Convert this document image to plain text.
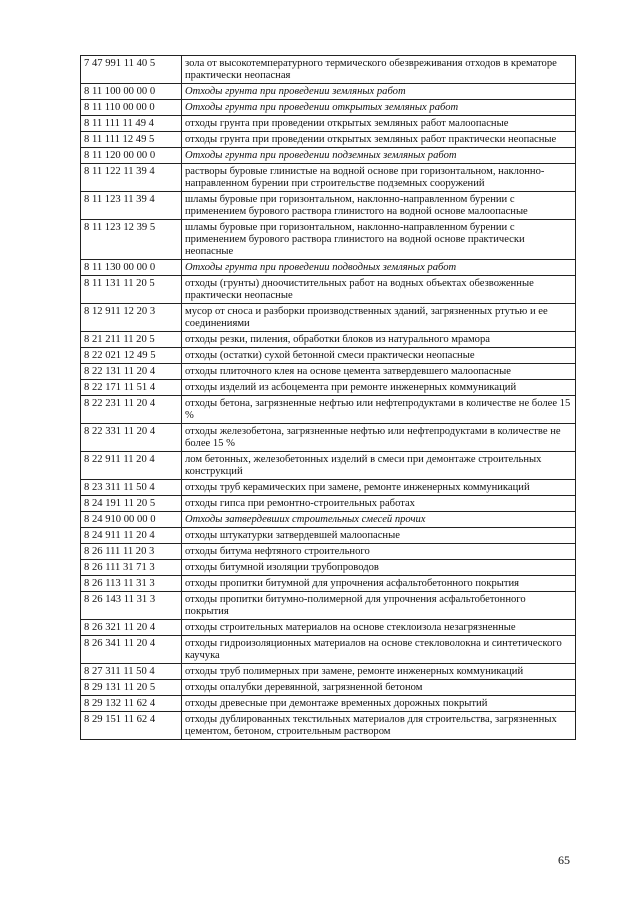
7 47 991 11 40 5	зола от высокотемпературного термического обезвреживания отходов в крематоре практически неопасная
8 11 100 00 00 0	Отходы грунта при проведении земляных работ
8 11 110 00 00 0	Отходы грунта при проведении открытых земляных работ
8 11 111 11 49 4	отходы грунта при проведении открытых земляных работ малоопасные
8 11 111 12 49 5	отходы грунта при проведении открытых земляных работ практически неопасные
8 11 120 00 00 0	Отходы грунта при проведении подземных земляных работ
8 11 122 11 39 4	растворы буровые глинистые на водной основе при горизонтальном, наклонно-направленном бурении при строительстве подземных сооружений
8 11 123 11 39 4	шламы буровые при горизонтальном, наклонно-направленном бурении с применением бурового раствора глинистого на водной основе малоопасные
8 11 123 12 39 5	шламы буровые при горизонтальном, наклонно-направленном бурении с применением бурового раствора глинистого на водной основе практически неопасные
8 11 130 00 00 0	Отходы грунта при проведении подводных земляных работ
8 11 131 11 20 5	отходы (грунты) дноочистительных работ на водных объектах обезвоженные практически неопасные
8 12 911 12 20 3	мусор от сноса и разборки производственных зданий, загрязненных ртутью и ее соединениями
8 21 211 11 20 5	отходы резки, пиления, обработки блоков из натурального мрамора
8 22 021 12 49 5	отходы (остатки) сухой бетонной смеси практически неопасные
8 22 131 11 20 4	отходы плиточного клея на основе цемента затвердевшего малоопасные
8 22 171 11 51 4	отходы изделий из асбоцемента при ремонте инженерных коммуникаций
8 22 231 11 20 4	отходы бетона, загрязненные нефтью или нефтепродуктами в количестве не более 15 %
8 22 331 11 20 4	отходы железобетона, загрязненные нефтью или нефтепродуктами в количестве не более 15 %
8 22 911 11 20 4	лом бетонных, железобетонных изделий в смеси при демонтаже строительных конструкций
8 23 311 11 50 4	отходы труб керамических при замене, ремонте инженерных коммуникаций
8 24 191 11 20 5	отходы гипса при ремонтно-строительных работах
8 24 910 00 00 0	Отходы затвердевших строительных смесей прочих
8 24 911 11 20 4	отходы штукатурки затвердевшей малоопасные
8 26 111 11 20 3	отходы битума нефтяного строительного
8 26 111 31 71 3	отходы битумной изоляции трубопроводов
8 26 113 11 31 3	отходы пропитки битумной для упрочнения асфальтобетонного покрытия
8 26 143 11 31 3	отходы пропитки битумно-полимерной для упрочнения асфальтобетонного покрытия
8 26 321 11 20 4	отходы строительных материалов на основе стеклоизола незагрязненные
8 26 341 11 20 4	отходы гидроизоляционных материалов на основе стекловолокна и синтетического каучука
8 27 311 11 50 4	отходы труб полимерных при замене, ремонте инженерных коммуникаций
8 29 131 11 20 5	отходы опалубки деревянной, загрязненной бетоном
8 29 132 11 62 4	отходы древесные при демонтаже временных дорожных покрытий
8 29 151 11 62 4	отходы дублированных текстильных материалов для строительства, загрязненных цементом, бетоном, строительным раствором
65
